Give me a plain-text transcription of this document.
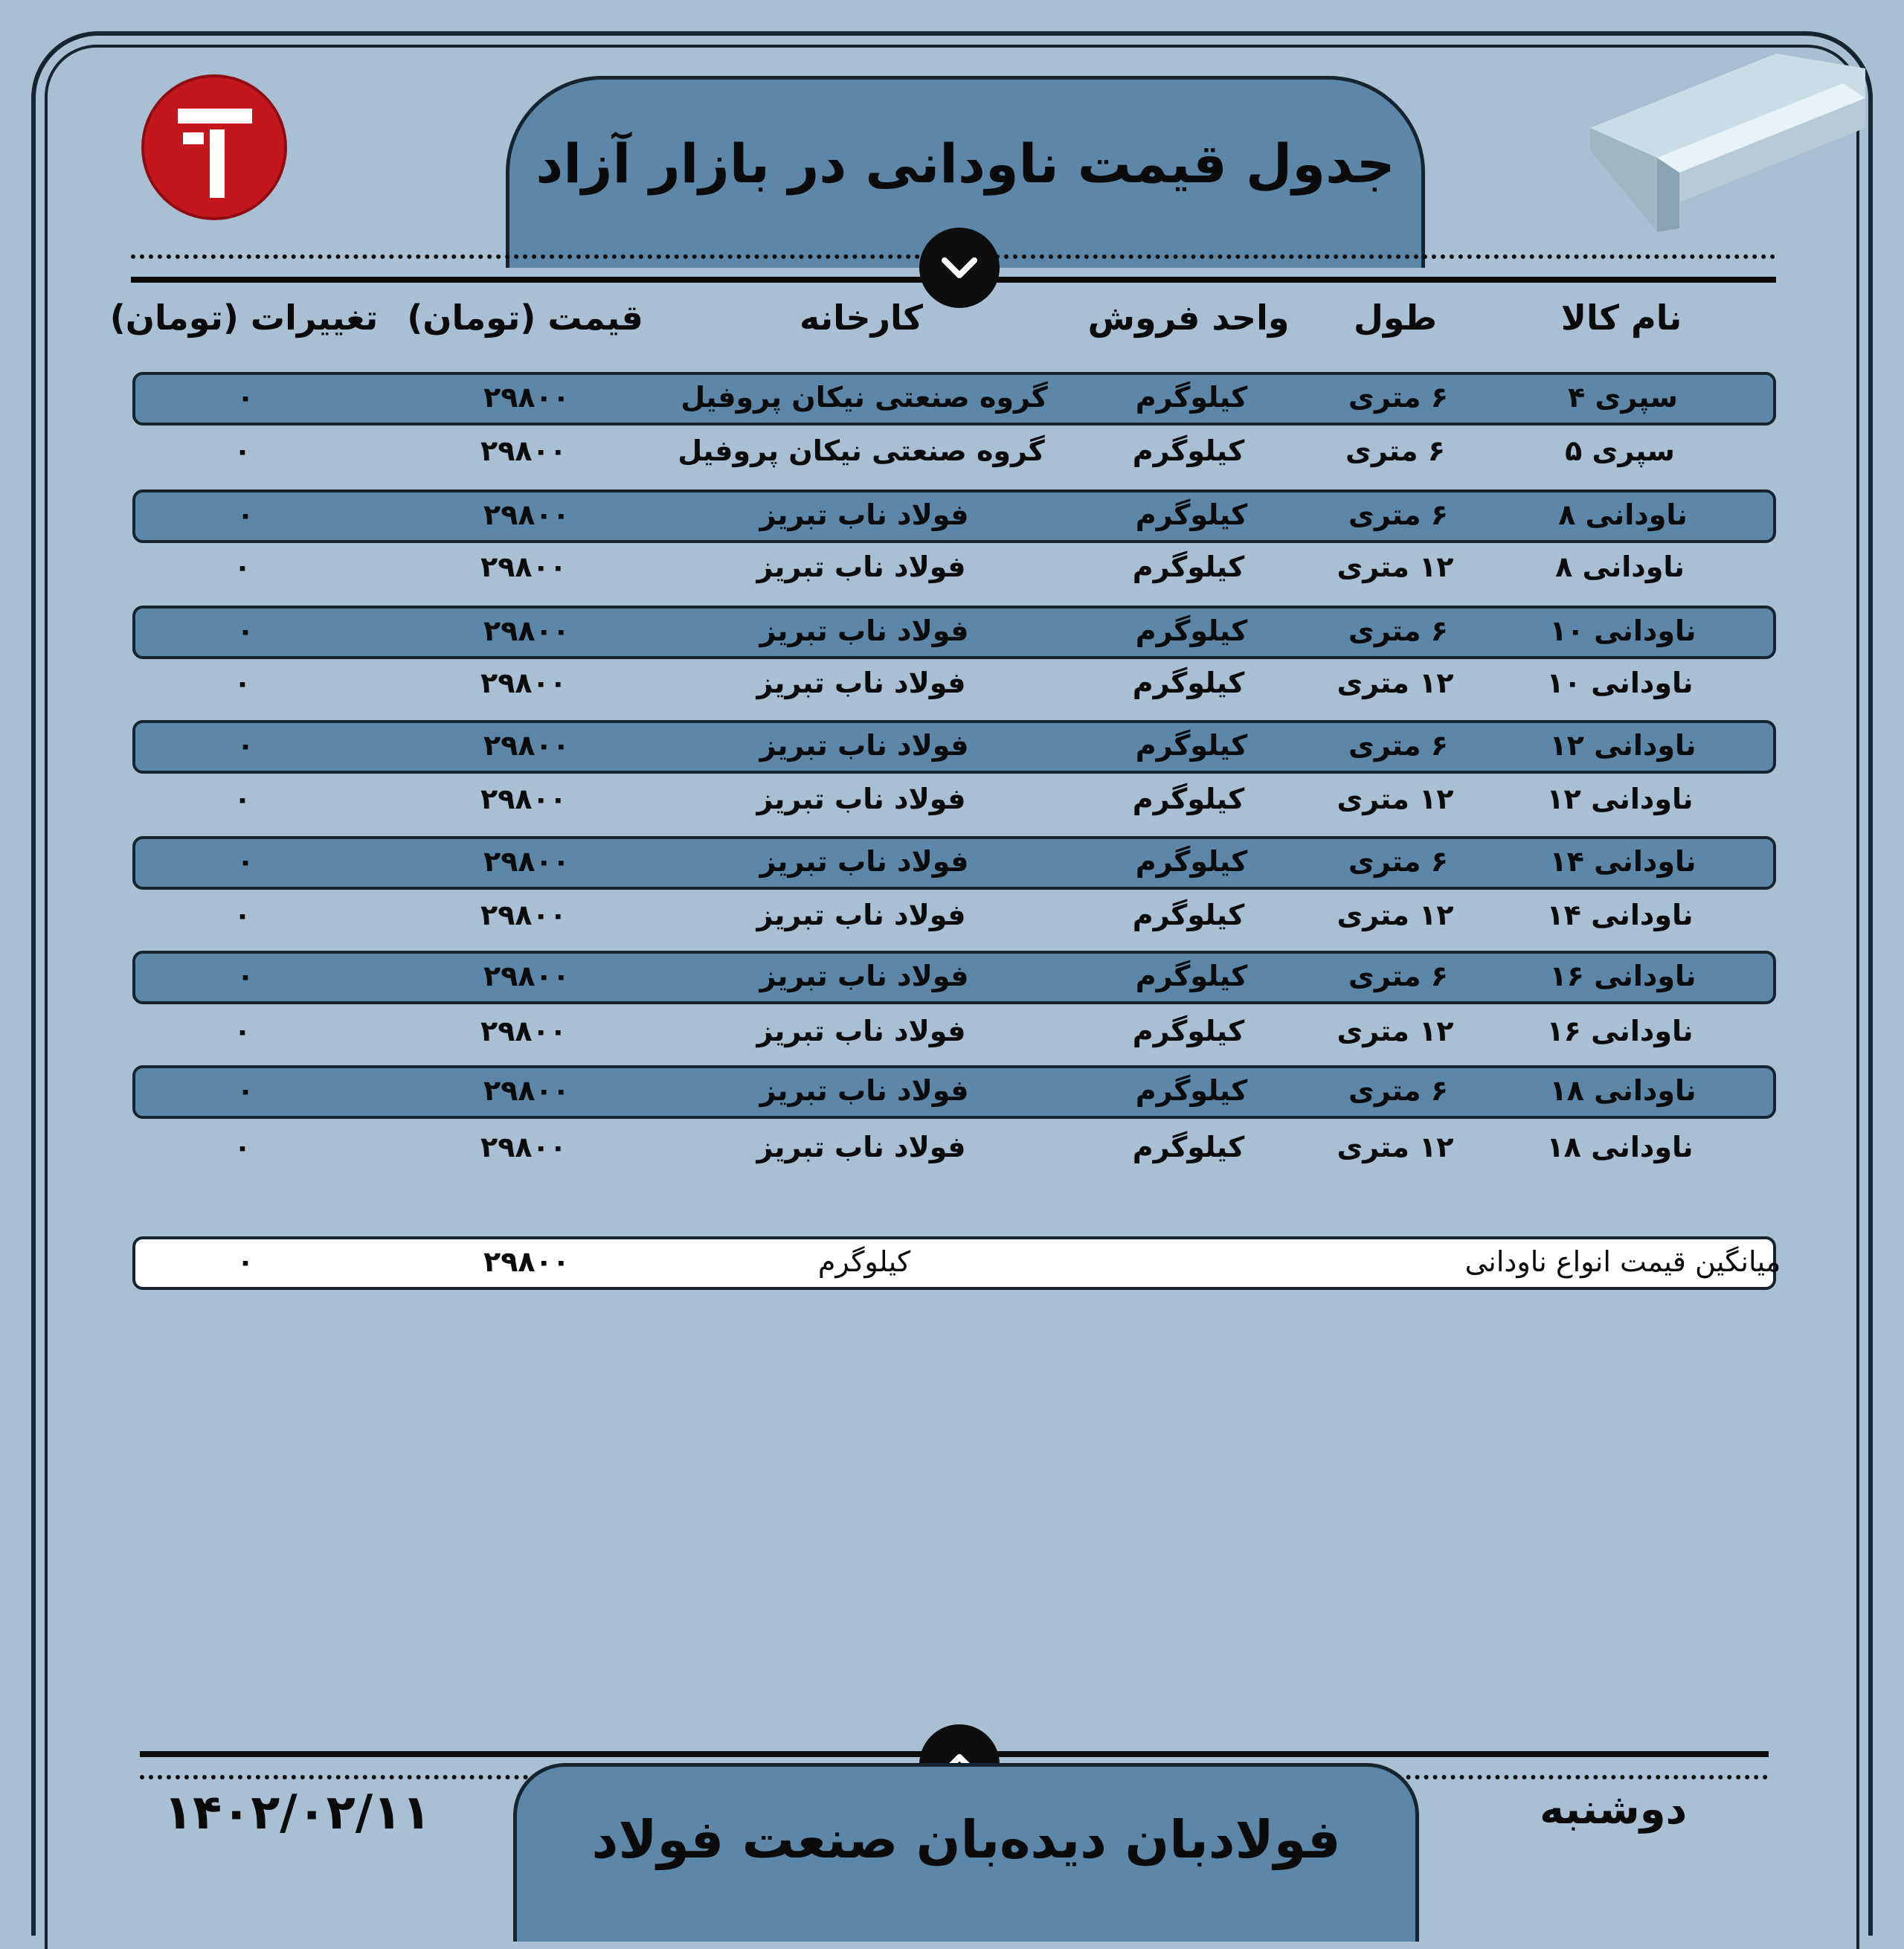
جدول قیمت ناودانی در بازار آزاد
نام کالا
طول
واحد فروش
کارخانه
قیمت (تومان)
تغییرات (تومان)
سپری ۴
۶ متری
کیلوگرم
گروه صنعتی نیکان پروفیل
۲۹۸۰۰
۰
سپری ۵
۶ متری
کیلوگرم
گروه صنعتی نیکان پروفیل
۲۹۸۰۰
۰
ناودانی ۸
۶ متری
کیلوگرم
فولاد ناب تبریز
۲۹۸۰۰
۰
ناودانی ۸
۱۲ متری
کیلوگرم
فولاد ناب تبریز
۲۹۸۰۰
۰
ناودانی ۱۰
۶ متری
کیلوگرم
فولاد ناب تبریز
۲۹۸۰۰
۰
ناودانی ۱۰
۱۲ متری
کیلوگرم
فولاد ناب تبریز
۲۹۸۰۰
۰
ناودانی ۱۲
۶ متری
کیلوگرم
فولاد ناب تبریز
۲۹۸۰۰
۰
ناودانی ۱۲
۱۲ متری
کیلوگرم
فولاد ناب تبریز
۲۹۸۰۰
۰
ناودانی ۱۴
۶ متری
کیلوگرم
فولاد ناب تبریز
۲۹۸۰۰
۰
ناودانی ۱۴
۱۲ متری
کیلوگرم
فولاد ناب تبریز
۲۹۸۰۰
۰
ناودانی ۱۶
۶ متری
کیلوگرم
فولاد ناب تبریز
۲۹۸۰۰
۰
ناودانی ۱۶
۱۲ متری
کیلوگرم
فولاد ناب تبریز
۲۹۸۰۰
۰
ناودانی ۱۸
۶ متری
کیلوگرم
فولاد ناب تبریز
۲۹۸۰۰
۰
ناودانی ۱۸
۱۲ متری
کیلوگرم
فولاد ناب تبریز
۲۹۸۰۰
۰
میانگین قیمت انواع ناودانی
کیلوگرم
۲۹۸۰۰
۰
فولادبان دیده‌بان صنعت فولاد
۱۴۰۲/۰۲/۱۱	دوشنبه
